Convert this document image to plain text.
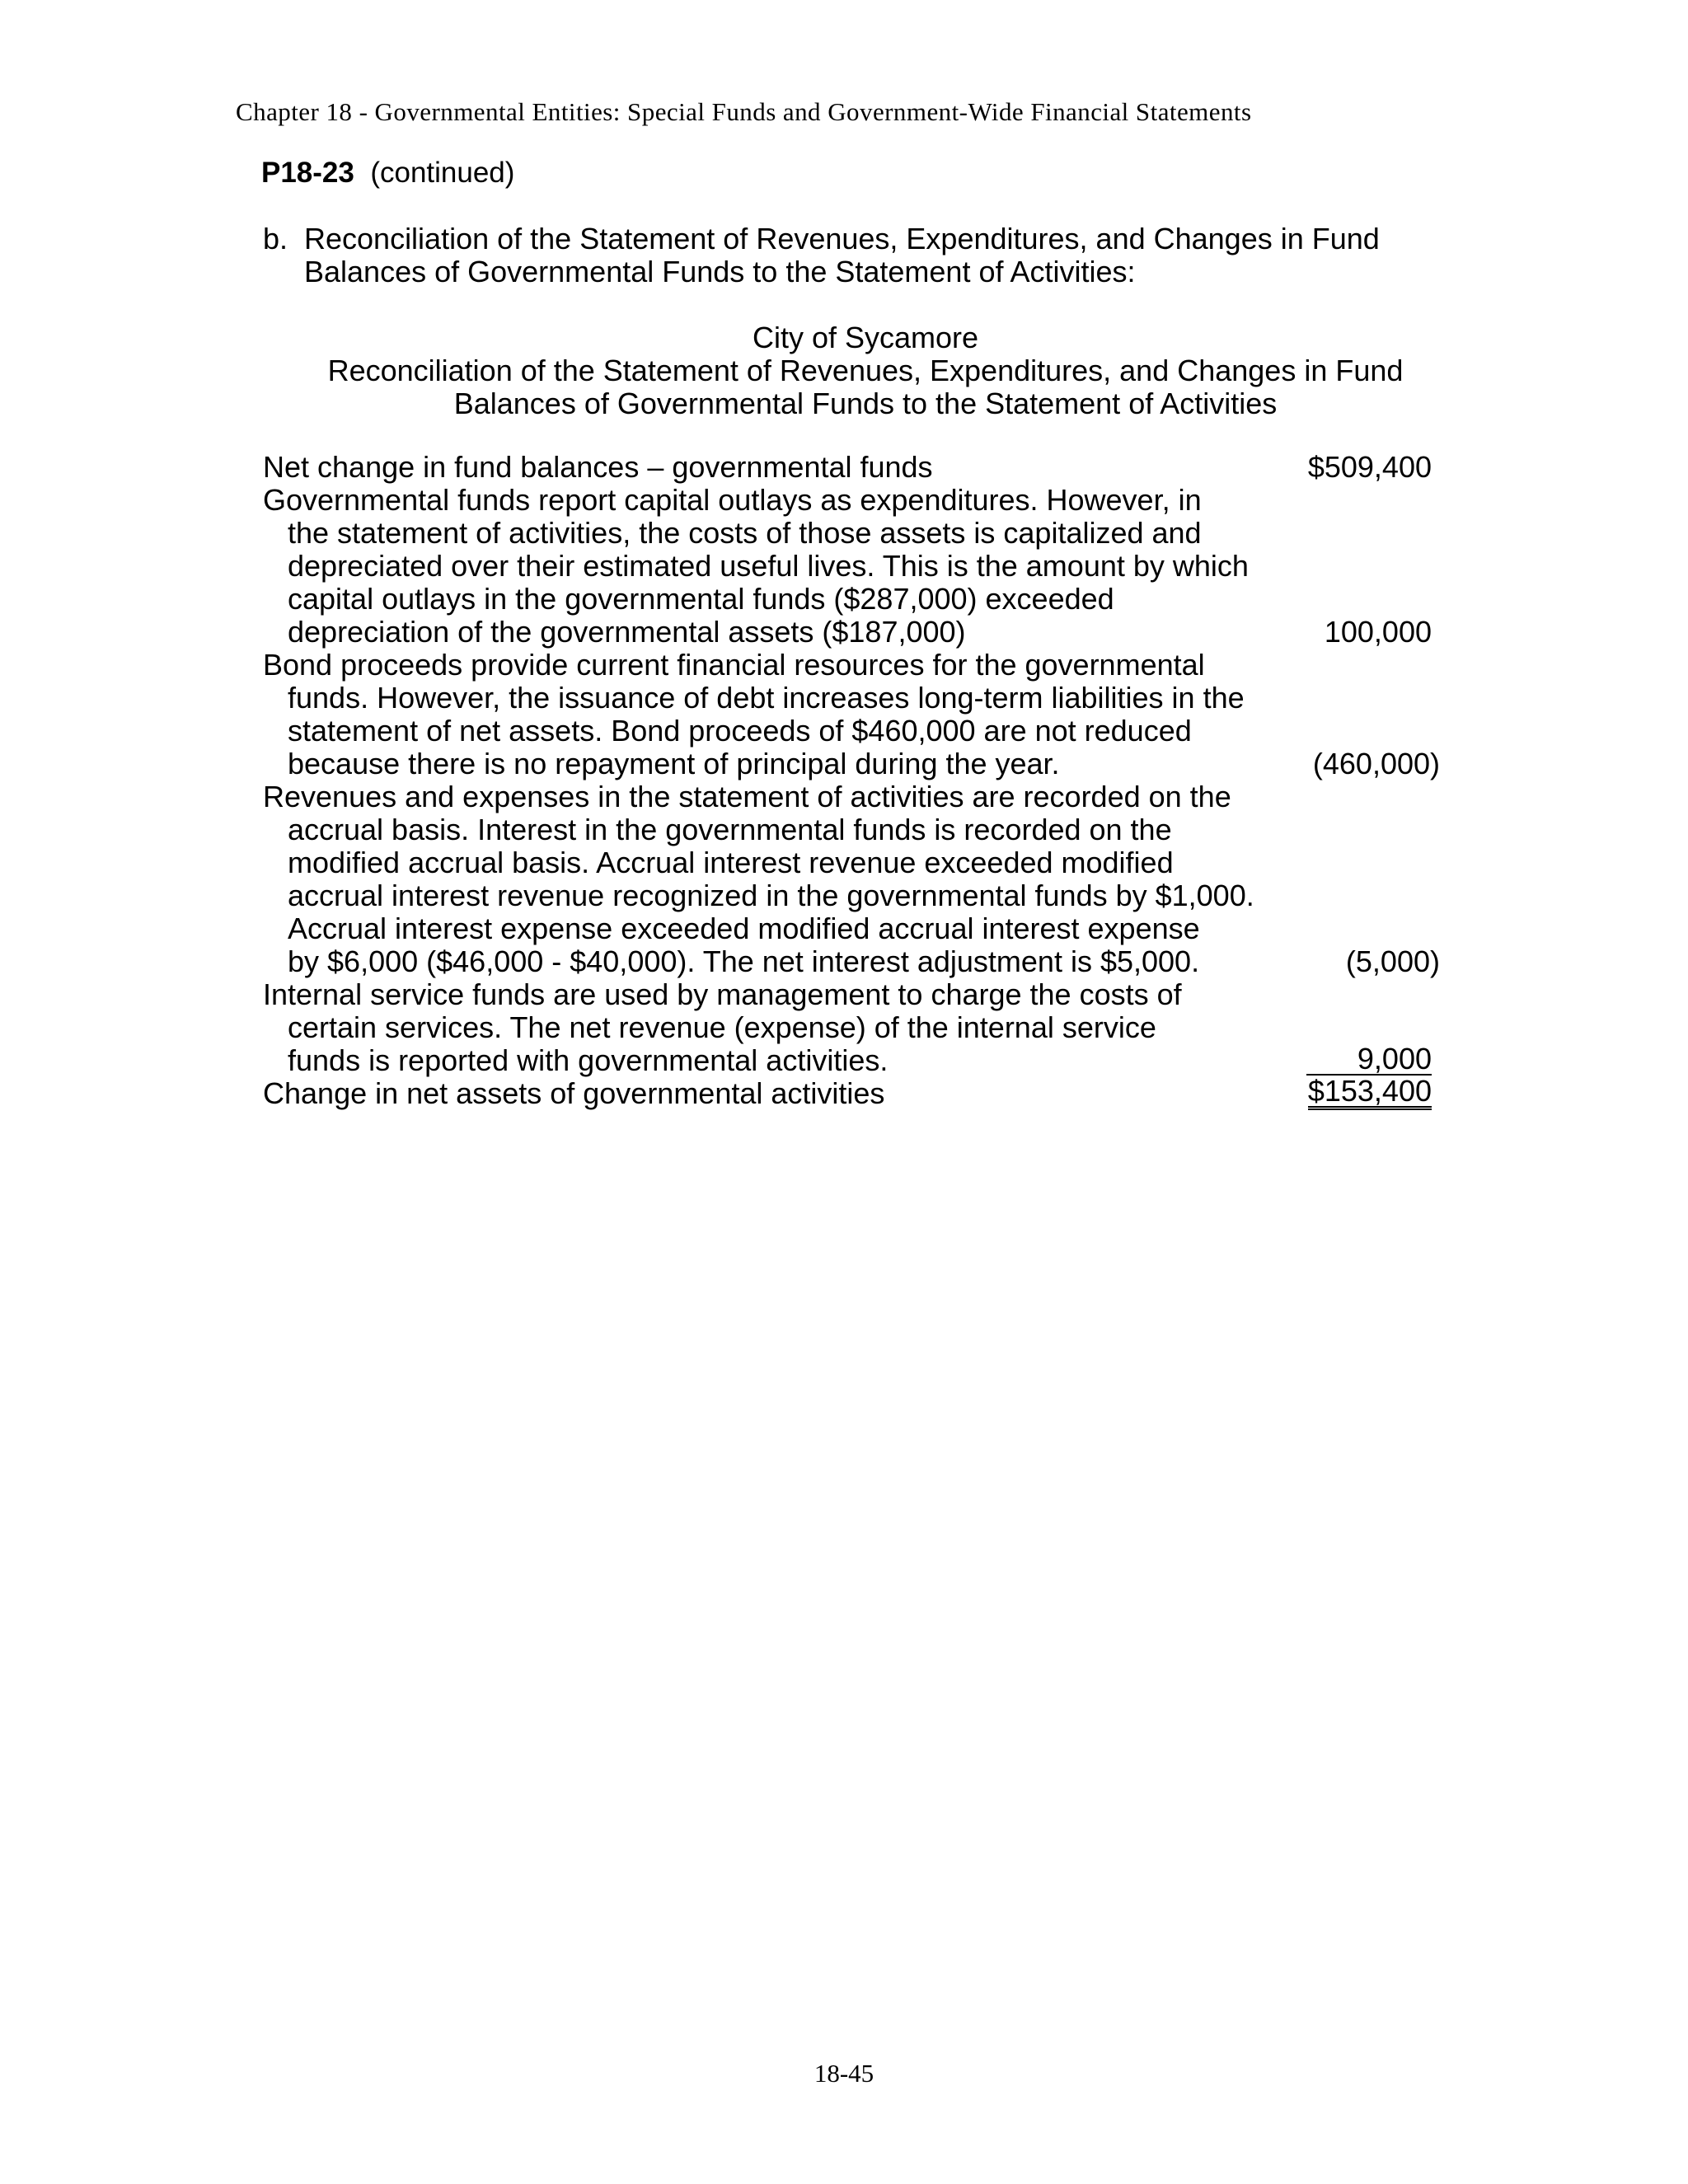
Chapter 18 - Governmental Entities: Special Funds and Government-Wide Financial Statements
P18-23 (continued)
b. Reconciliation of the Statement of Revenues, Expenditures, and Changes in Fund
Balances of Governmental Funds to the Statement of Activities:
City of Sycamore
Reconciliation of the Statement of Revenues, Expenditures, and Changes in Fund
Balances of Governmental Funds to the Statement of Activities
Net change in fund balances – governmental funds	$509,400
Governmental funds report capital outlays as expenditures. However, in
the statement of activities, the costs of those assets is capitalized and
depreciated over their estimated useful lives. This is the amount by which
capital outlays in the governmental funds ($287,000) exceeded
depreciation of the governmental assets ($187,000)	100,000
Bond proceeds provide current financial resources for the governmental
funds. However, the issuance of debt increases long-term liabilities in the
statement of net assets. Bond proceeds of $460,000 are not reduced
because there is no repayment of principal during the year.	(460,000)
Revenues and expenses in the statement of activities are recorded on the
accrual basis. Interest in the governmental funds is recorded on the
modified accrual basis. Accrual interest revenue exceeded modified
accrual interest revenue recognized in the governmental funds by $1,000.
Accrual interest expense exceeded modified accrual interest expense
by $6,000 ($46,000 - $40,000). The net interest adjustment is $5,000.	(5,000)
Internal service funds are used by management to charge the costs of
certain services. The net revenue (expense) of the internal service
funds is reported with governmental activities.	9,000
Change in net assets of governmental activities	$153,400
18-45
